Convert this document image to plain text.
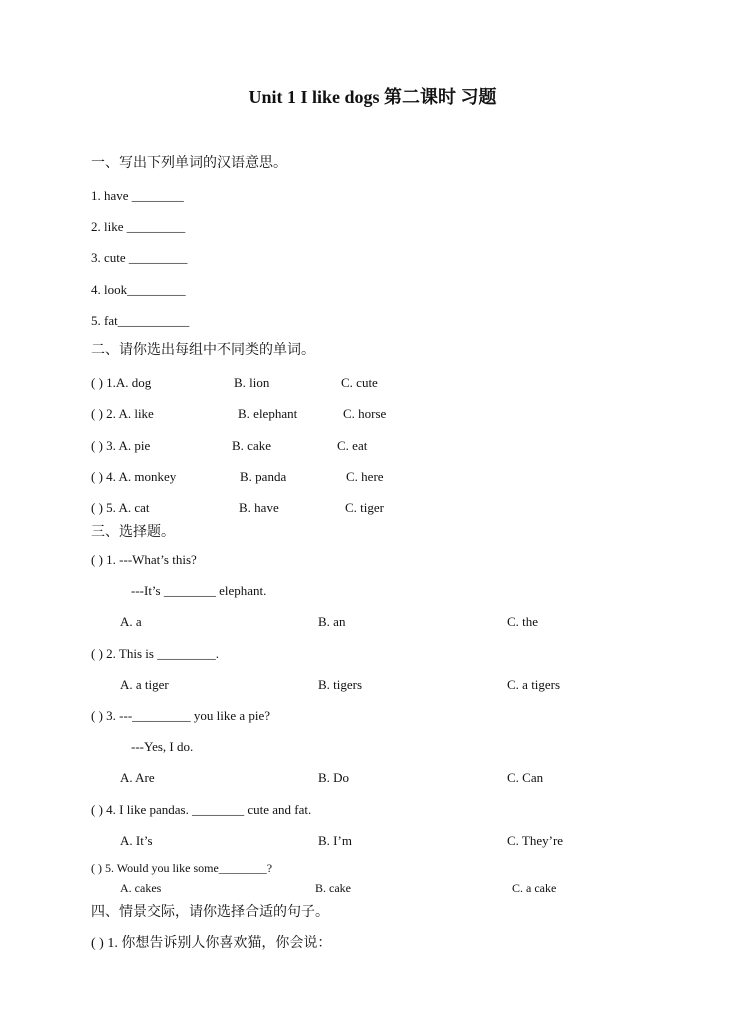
Unit 1 I like dogs 第二课时 习题
一、写出下列单词的汉语意思。
1. have ________
2. like _________
3. cute _________
4. look_________
5. fat___________
二、请你选出每组中不同类的单词。
( ) 1.A. dog	B. lion	C. cute
( ) 2. A. like	B. elephant	C. horse
( ) 3. A. pie	B. cake	C. eat
( ) 4. A. monkey	B. panda	C. here
( ) 5. A. cat	B. have	C. tiger
三、选择题。
( ) 1. ---What’s this?
---It’s ________ elephant.
A. a	B. an	C. the
( ) 2. This is _________.
A. a tiger	B. tigers	C. a tigers
( ) 3. ---_________ you like a pie?
---Yes, I do.
A. Are	B. Do	C. Can
( ) 4. I like pandas. ________ cute and fat.
A. It’s	B. I’m	C. They’re
( ) 5. Would you like some________?
A. cakes	B. cake	C. a cake
四、情景交际，请你选择合适的句子。
( ) 1. 你想告诉别人你喜欢猫，你会说：
